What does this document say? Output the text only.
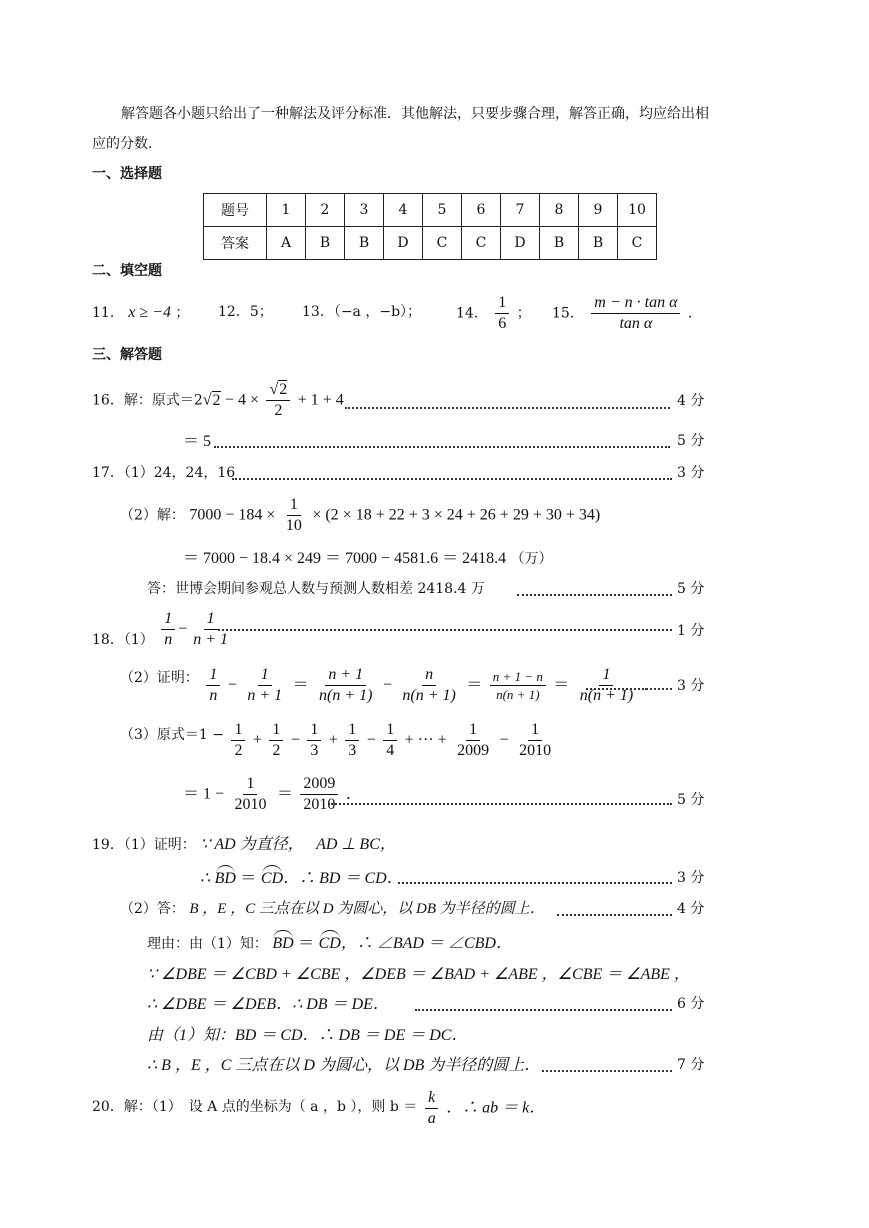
解答题各小题只给出了一种解法及评分标准．其他解法，只要步骤合理，解答正确，均应给出相
应的分数．
一、选择题
题号	1	2	3	4	5	6	7	8	9	10
答案	A	B	B	D	C	C	D	B	B	C
二、填空题
11． x ≥ −4 ； 12．5； 13．（−a ，−b）； 14． $\frac{1}{6}$ ； 15． $\frac{\text{m − n · tan α}}{\text{tan α}}$ ．
三、解答题
16．解：原式$=2√2 - 4 \times \frac{√2}{2} + 1 + 4$	4 分
＝ 5	5 分
17．（1）24，24，16	3 分
（2）解： $7000 - 184 \times \frac{1}{10} \times (2 \times 18 + 22 + 3 \times 24 + 26 + 29 + 30 + 34)$
＝ 7000 − 18.4 × 249 ＝ 7000 − 4581.6 ＝ 2418.4 （万）
答：世博会期间参观总人数与预测人数相差 2418.4 万	5 分
18．$(1) \frac{1}{n} - \frac{1}{n + 1}$	1 分
（2）证明： $\frac{1}{n} - \frac{1}{n + 1} = \frac{n + 1}{n(n + 1)} - \frac{n}{n(n + 1)} = \frac{n + 1 - n}{n(n + 1)} = \frac{1}{n(n + 1)}$ ． 3 分
（3）原式$=1 - \frac{1}{2} + \frac{1}{2} - \frac{1}{3} + \frac{1}{3} - \frac{1}{4}$ + ··· + $\frac{1}{2009} - \frac{1}{2010}$
＝ $1 - \frac{1}{2010} = \frac{2009}{2010}$ ．	5 分
19．（1）证明： ∵ AD 为直径， AD ⊥ BC，
∴ BD ＝ CD．∴ BD ＝ CD．	3 分
（2）答： B ，E ，C 三点在以 D 为圆心，以 DB 为半径的圆上．	4 分
理由：由（1）知： BD ＝ CD，∴ ∠BAD ＝ ∠CBD．
∵ ∠DBE ＝ ∠CBD + ∠CBE ，∠DEB ＝ ∠BAD + ∠ABE ，∠CBE ＝ ∠ABE ，
∴ ∠DBE ＝ ∠DEB．∴ DB ＝ DE．	6 分
由（1）知：BD ＝ CD．∴ DB ＝ DE ＝ DC．
∴ B ，E ，C 三点在以 D 为圆心，以 DB 为半径的圆上．	7 分
20．解：（1）　设 A 点的坐标为（ a ，b ），则 $b = \frac{k}{a}$ ．∴ ab ＝ k．
